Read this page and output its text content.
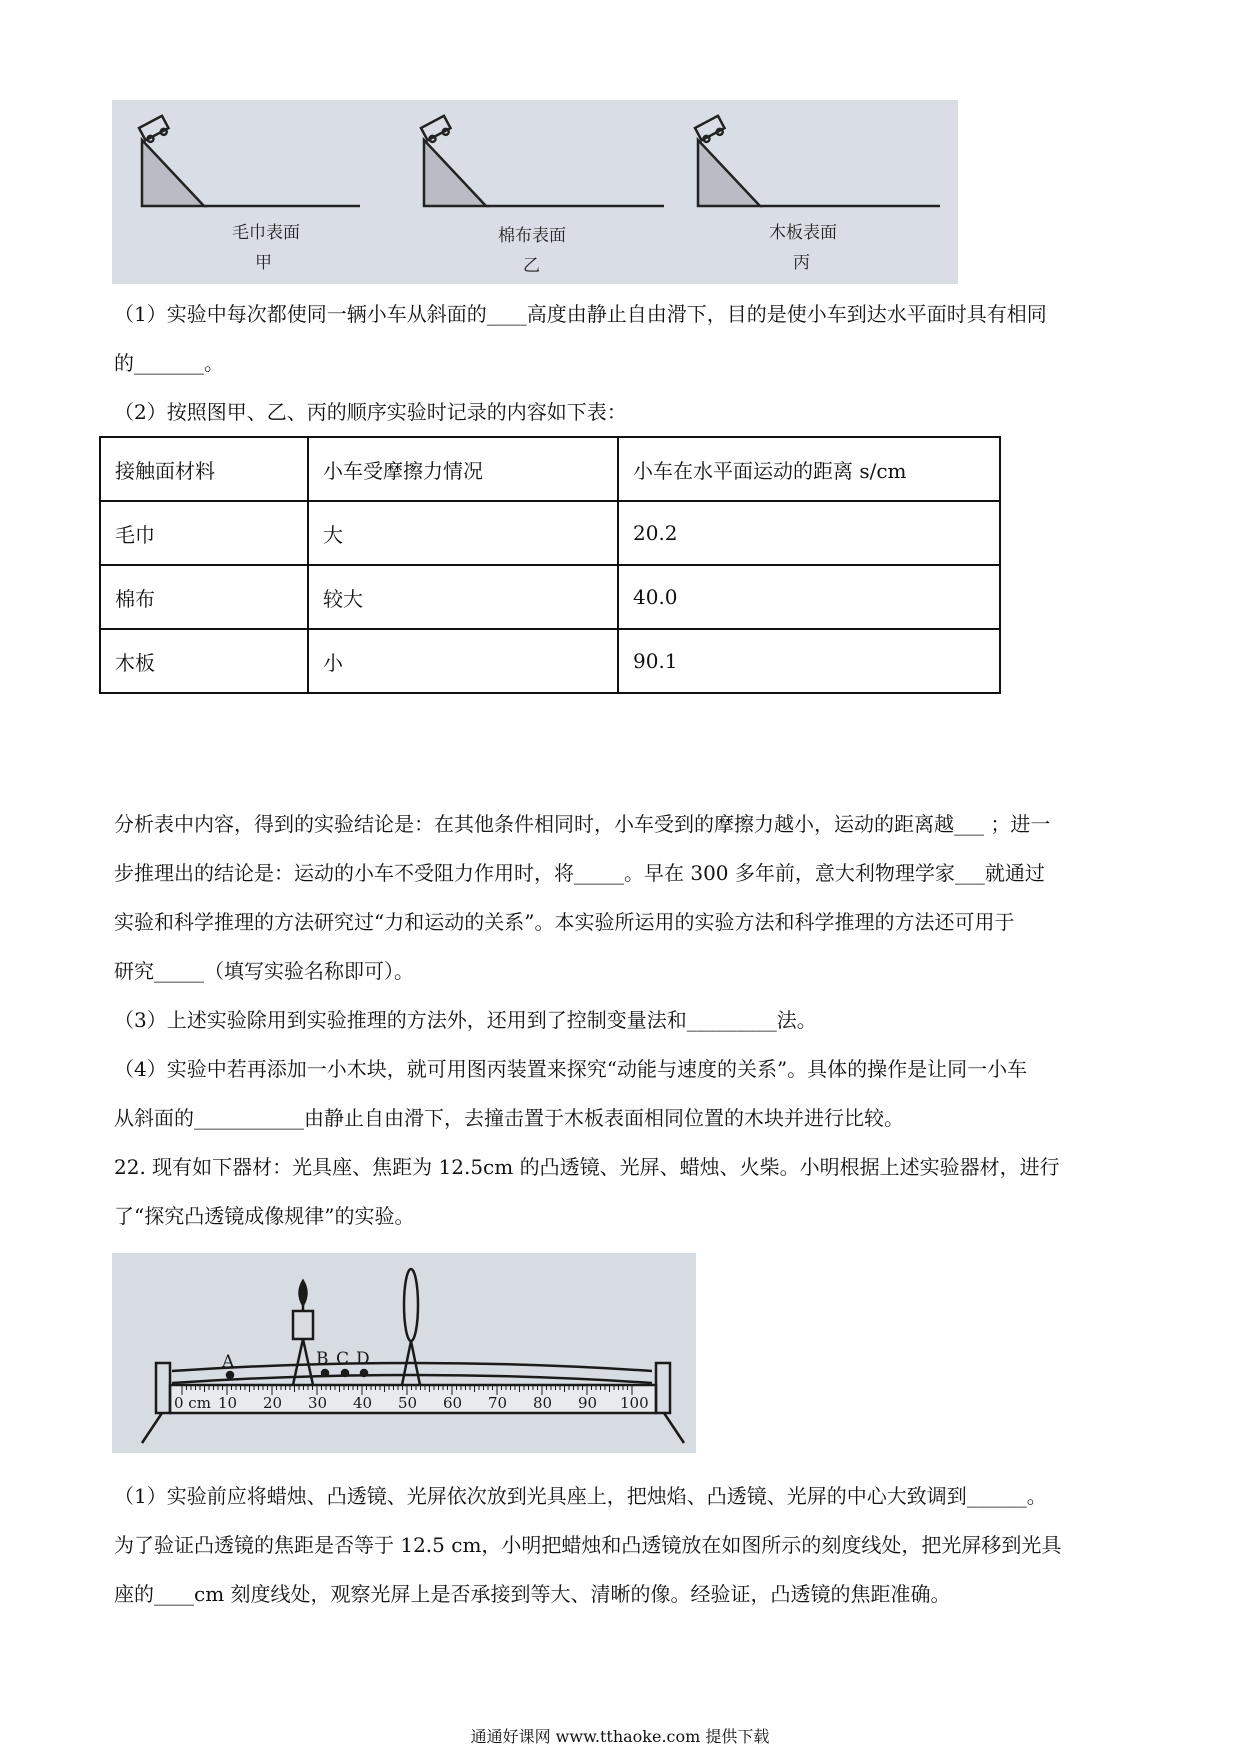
毛巾表面	棉布表面	木板表面
甲	乙	丙
（1）实验中每次都使同一辆小车从斜面的____高度由静止自由滑下，目的是使小车到达水平面时具有相同
的_______。
（2）按照图甲、乙、丙的顺序实验时记录的内容如下表：
接触面材料	小车受摩擦力情况	小车在水平面运动的距离 s/cm
毛巾	大	20.2
棉布	较大	40.0
木板	小	90.1
分析表中内容，得到的实验结论是：在其他条件相同时，小车受到的摩擦力越小，运动的距离越___ ；进一
步推理出的结论是：运动的小车不受阻力作用时，将_____。早在 300 多年前，意大利物理学家___就通过
实验和科学推理的方法研究过“力和运动的关系”。本实验所运用的实验方法和科学推理的方法还可用于
研究_____（填写实验名称即可）。
（3）上述实验除用到实验推理的方法外，还用到了控制变量法和_________法。
（4）实验中若再添加一小木块，就可用图丙装置来探究“动能与速度的关系”。具体的操作是让同一小车
从斜面的___________由静止自由滑下，去撞击置于木板表面相同位置的木块并进行比较。
22. 现有如下器材：光具座、焦距为 12.5cm 的凸透镜、光屏、蜡烛、火柴。小明根据上述实验器材，进行
了“探究凸透镜成像规律”的实验。
A	B C D
0 cm 10 20 30 40 50 60 70 80 90 100
（1）实验前应将蜡烛、凸透镜、光屏依次放到光具座上，把烛焰、凸透镜、光屏的中心大致调到______。
为了验证凸透镜的焦距是否等于 12.5 cm，小明把蜡烛和凸透镜放在如图所示的刻度线处，把光屏移到光具
座的____cm 刻度线处，观察光屏上是否承接到等大、清晰的像。经验证，凸透镜的焦距准确。
通通好课网 www.tthaoke.com 提供下载
